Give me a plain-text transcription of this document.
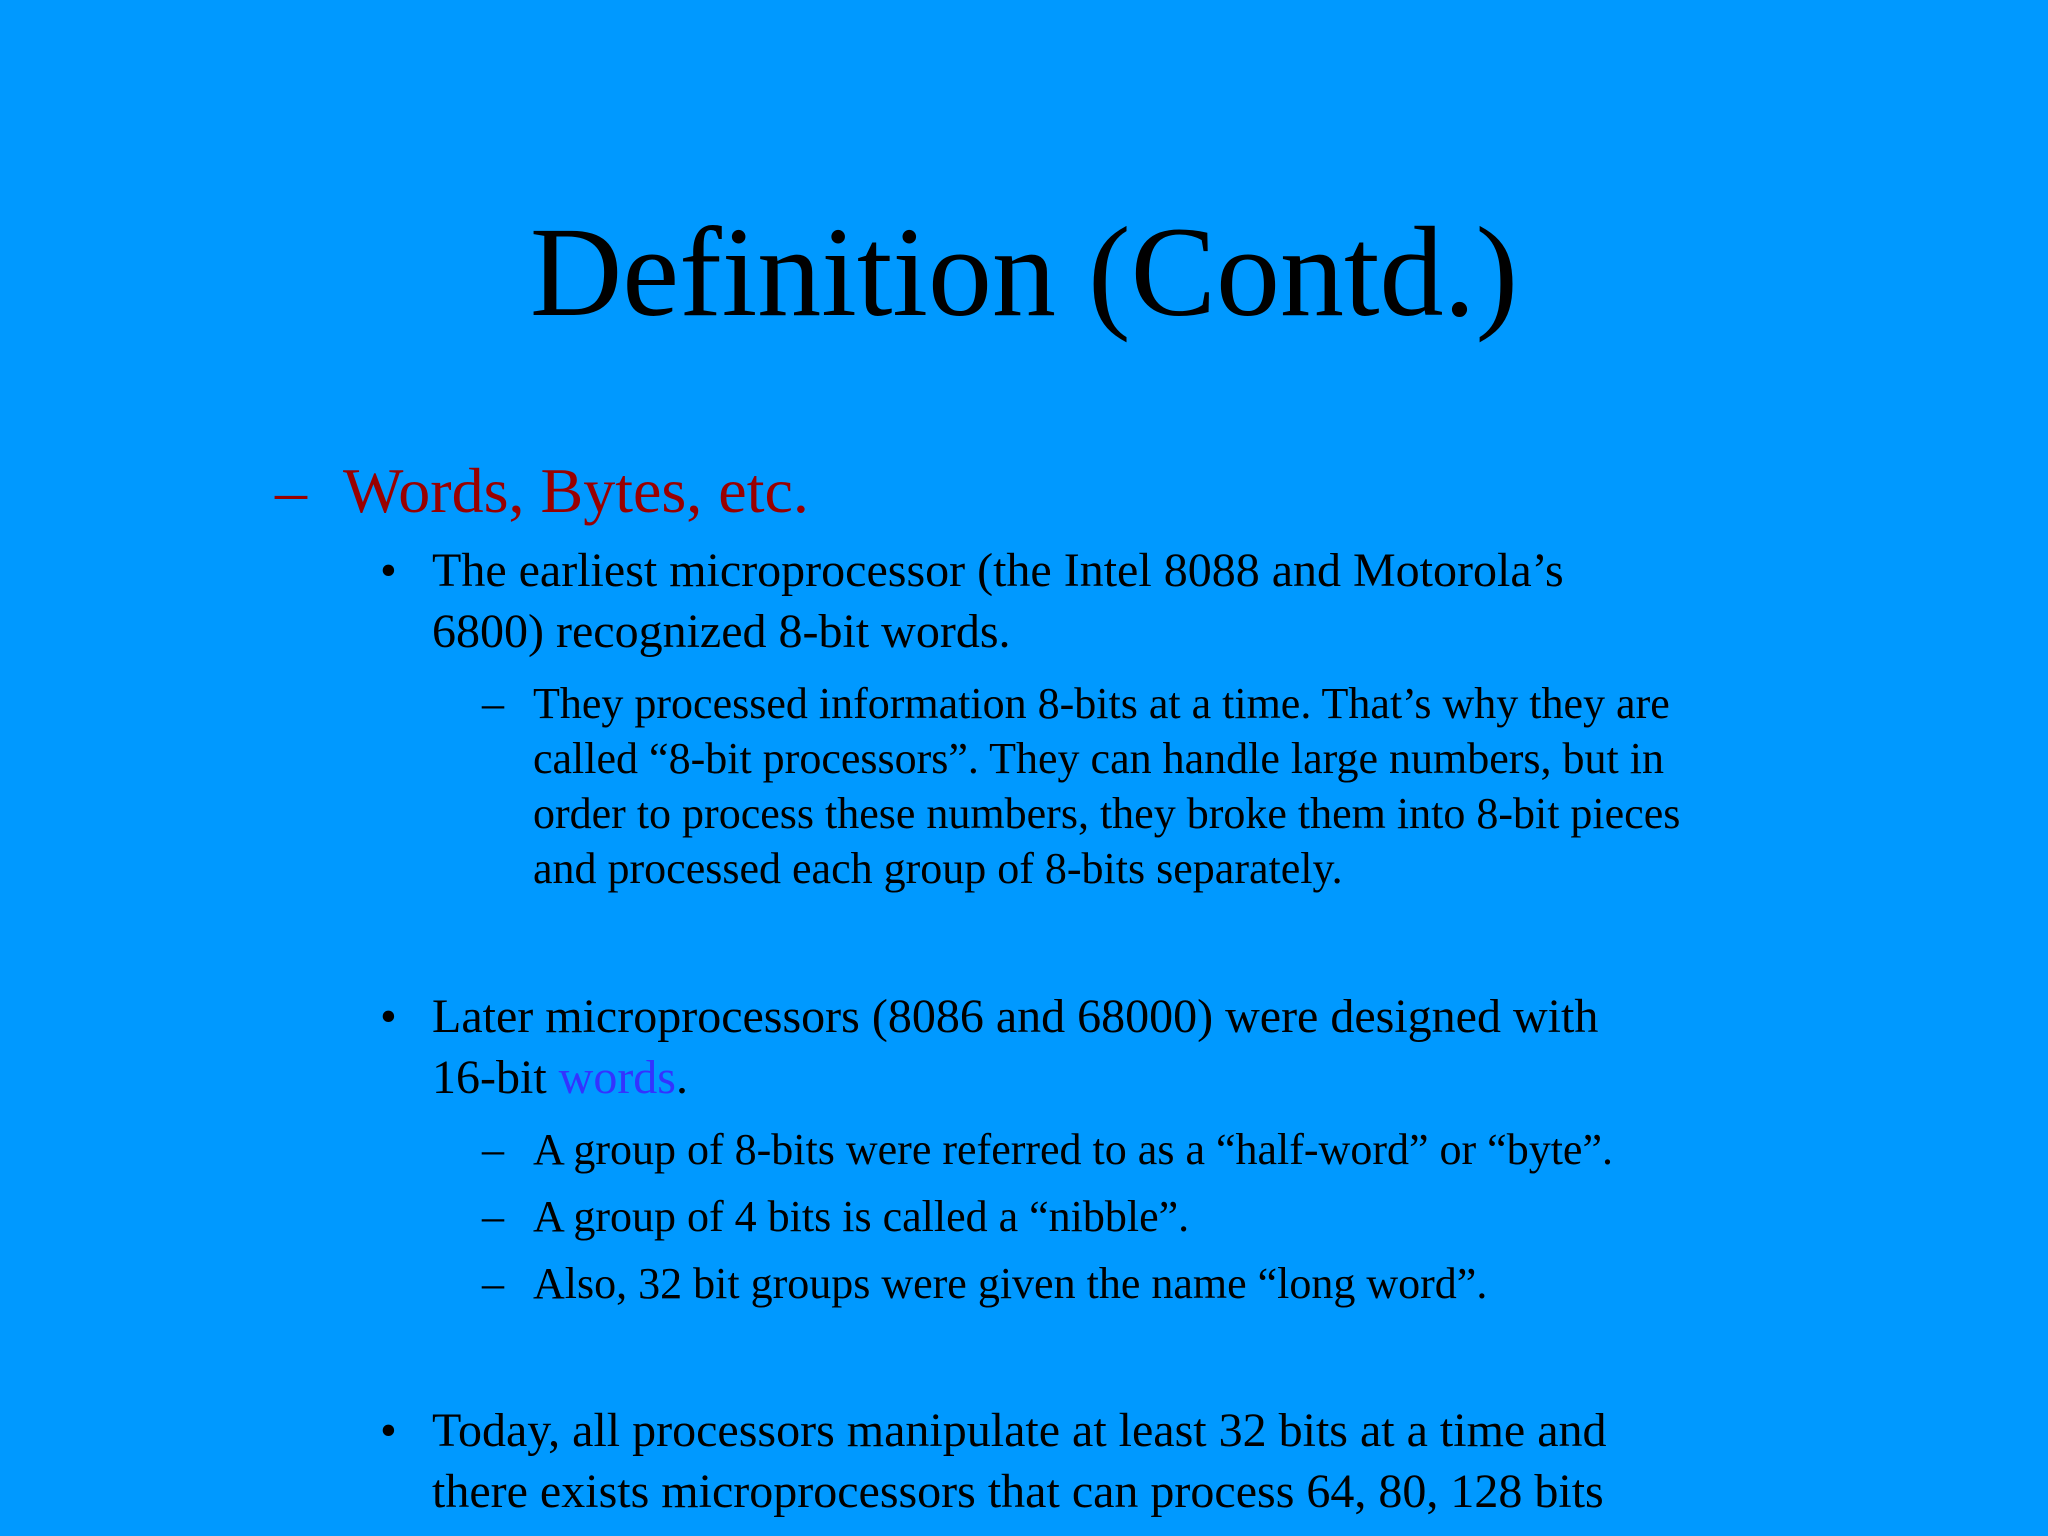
Definition (Contd.)
– Words, Bytes, etc.
• The earliest microprocessor (the Intel 8088 and Motorola’s
6800) recognized 8-bit words.
– They processed information 8-bits at a time. That’s why they are
called “8-bit processors”. They can handle large numbers, but in
order to process these numbers, they broke them into 8-bit pieces
and processed each group of 8-bits separately.
• Later microprocessors (8086 and 68000) were designed with
16-bit words.
– A group of 8-bits were referred to as a “half-word” or “byte”.
– A group of 4 bits is called a “nibble”.
– Also, 32 bit groups were given the name “long word”.
• Today, all processors manipulate at least 32 bits at a time and
there exists microprocessors that can process 64, 80, 128 bits
